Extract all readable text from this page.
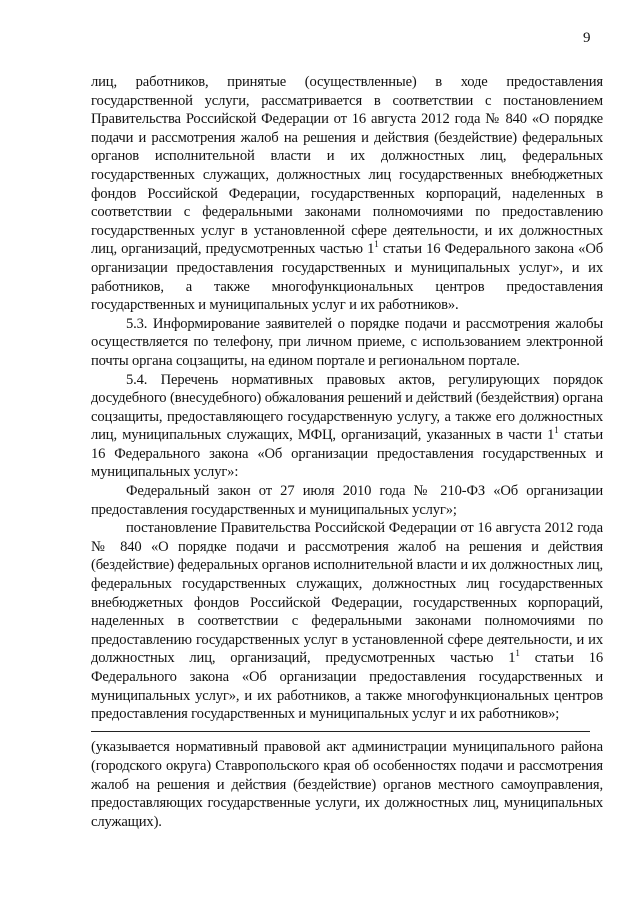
9

лиц, работников, принятые (осуществленные) в ходе предоставления государственной услуги, рассматривается в соответствии с постановлением Правительства Российской Федерации от 16 августа 2012 года № 840 «О порядке подачи и рассмотрения жалоб на решения и действия (бездействие) федеральных органов исполнительной власти и их должностных лиц, федеральных государственных служащих, должностных лиц государственных внебюджетных фондов Российской Федерации, государственных корпораций, наделенных в соответствии с федеральными законами полномочиями по предоставлению государственных услуг в установленной сфере деятельности, и их должностных лиц, организаций, предусмотренных частью $1^1$ статьи 16 Федерального закона «Об организации предоставления государственных и муниципальных услуг», и их работников, а также многофункциональных центров предоставления государственных и муниципальных услуг и их работников».

5.3. Информирование заявителей о порядке подачи и рассмотрения жалобы осуществляется по телефону, при личном приеме, с использованием электронной почты органа соцзащиты, на едином портале и региональном портале.

5.4. Перечень нормативных правовых актов, регулирующих порядок досудебного (внесудебного) обжалования решений и действий (бездействия) органа соцзащиты, предоставляющего государственную услугу, а также его должностных лиц, муниципальных служащих, МФЦ, организаций, указанных в части $1^1$ статьи 16 Федерального закона «Об организации предоставления государственных и муниципальных услуг»:

Федеральный закон от 27 июля 2010 года № 210-ФЗ «Об организации предоставления государственных и муниципальных услуг»;

постановление Правительства Российской Федерации от 16 августа 2012 года № 840 «О порядке подачи и рассмотрения жалоб на решения и действия (бездействие) федеральных органов исполнительной власти и их должностных лиц, федеральных государственных служащих, должностных лиц государственных внебюджетных фондов Российской Федерации, государственных корпораций, наделенных в соответствии с федеральными законами полномочиями по предоставлению государственных услуг в установленной сфере деятельности, и их должностных лиц, организаций, предусмотренных частью $1^1$ статьи 16 Федерального закона «Об организации предоставления государственных и муниципальных услуг», и их работников, а также многофункциональных центров предоставления государственных и муниципальных услуг и их работников»;

(указывается нормативный правовой акт администрации муниципального района (городского округа) Ставропольского края об особенностях подачи и рассмотрения жалоб на решения и действия (бездействие) органов местного самоуправления, предоставляющих государственные услуги, их должностных лиц, муниципальных служащих).
